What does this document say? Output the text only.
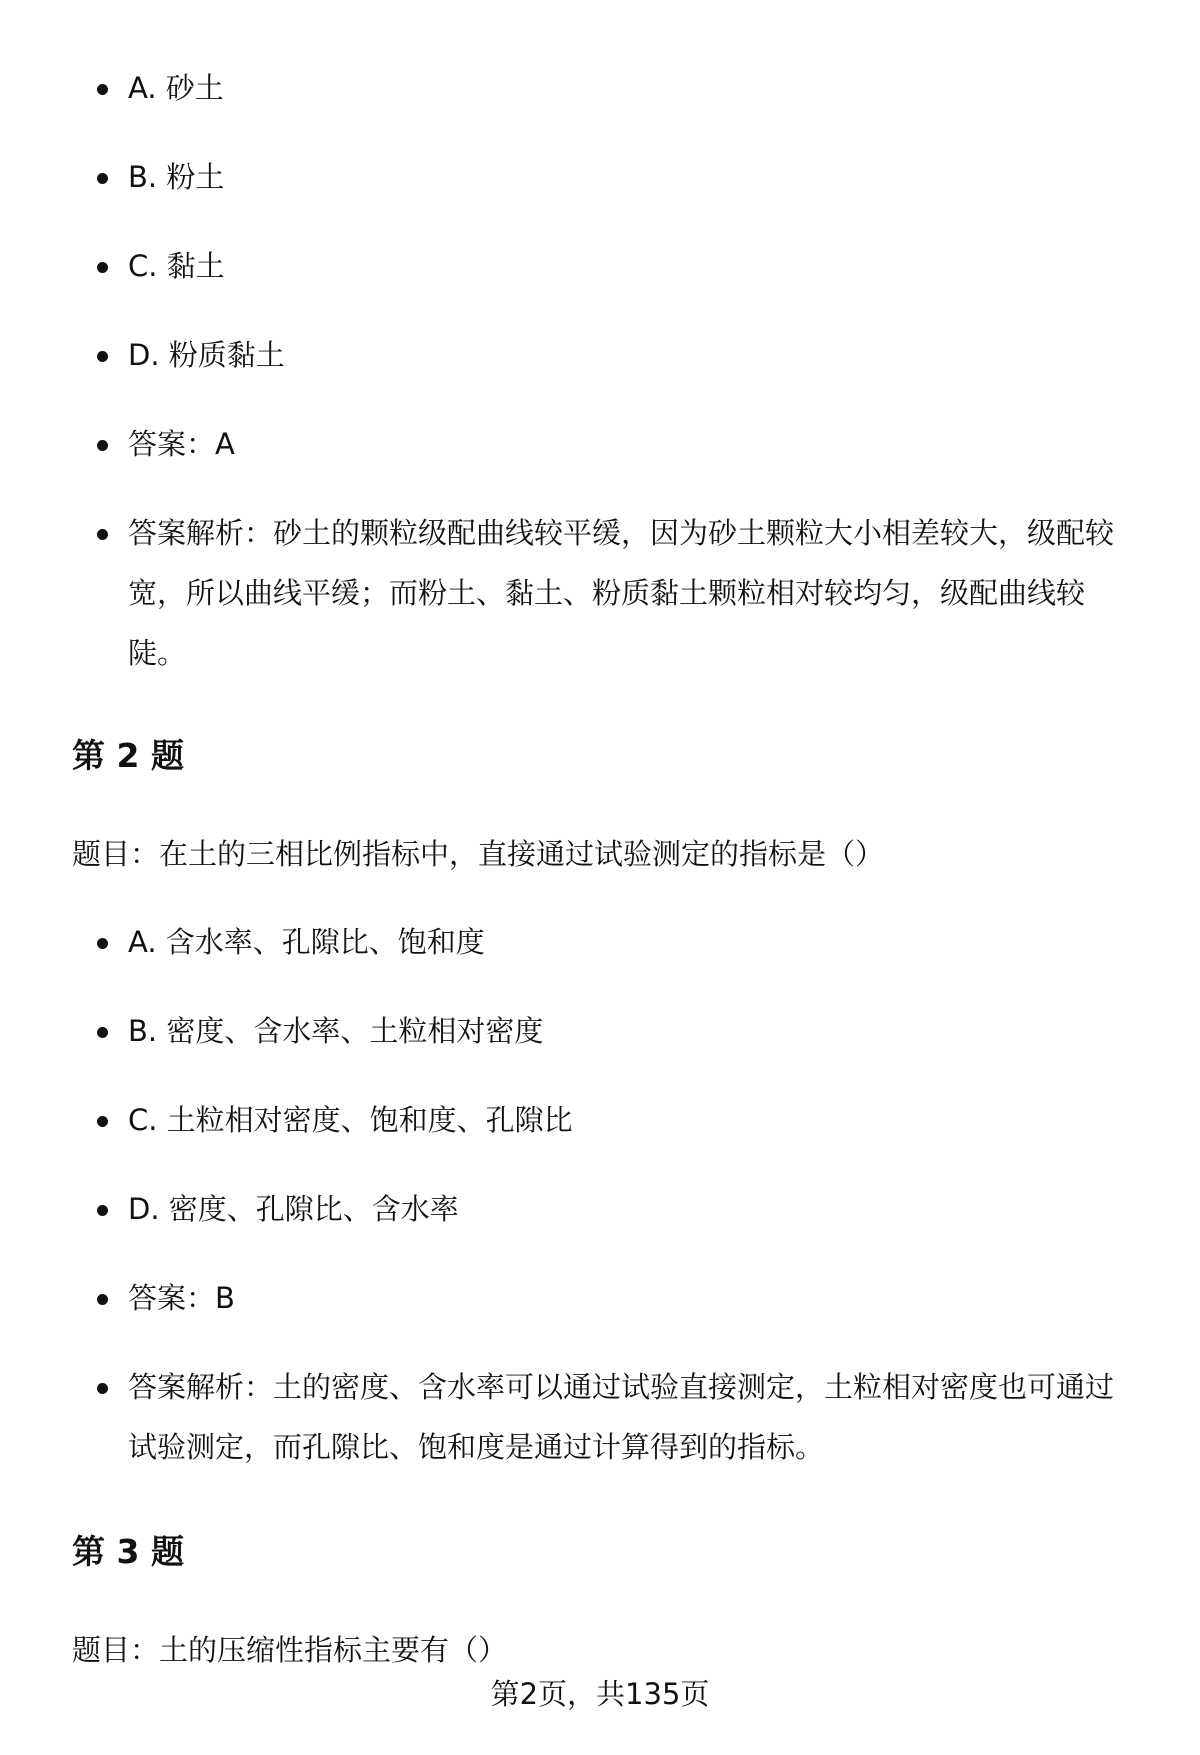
A. 砂土
B. 粉土
C. 黏土
D. 粉质黏土
答案：A
答案解析：砂土的颗粒级配曲线较平缓，因为砂土颗粒大小相差较大，级配较宽，所以曲线平缓；而粉土、黏土、粉质黏土颗粒相对较均匀，级配曲线较陡。
第 2 题

题目：在土的三相比例指标中，直接通过试验测定的指标是（）

A. 含水率、孔隙比、饱和度
B. 密度、含水率、土粒相对密度
C. 土粒相对密度、饱和度、孔隙比
D. 密度、孔隙比、含水率
答案：B
答案解析：土的密度、含水率可以通过试验直接测定，土粒相对密度也可通过试验测定，而孔隙比、饱和度是通过计算得到的指标。
第 3 题

题目：土的压缩性指标主要有（）

第2页，共135页
